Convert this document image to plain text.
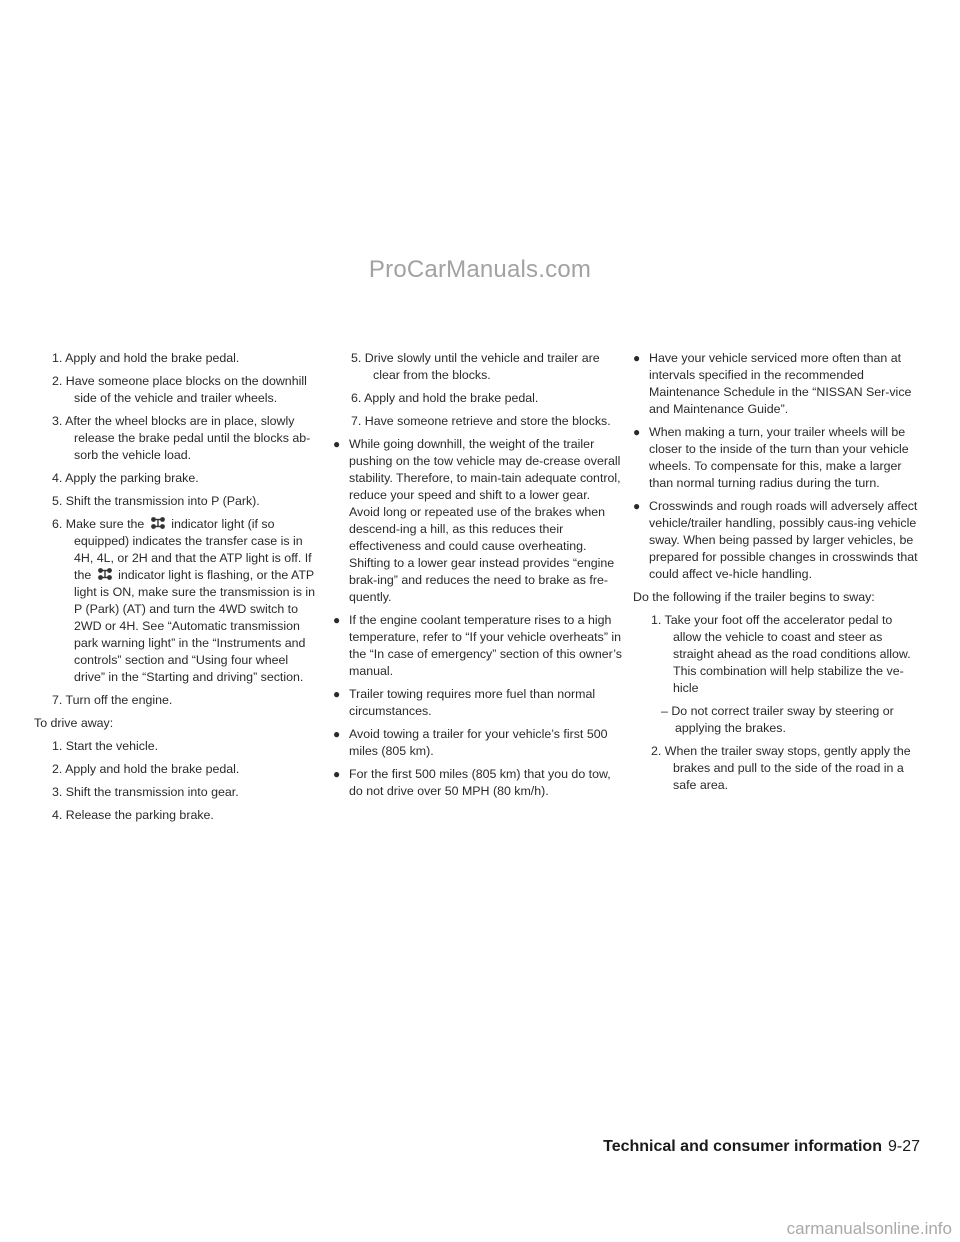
ProCarManuals.com

1. Apply and hold the brake pedal.

2. Have someone place blocks on the downhill side of the vehicle and trailer wheels.

3. After the wheel blocks are in place, slowly release the brake pedal until the blocks ab-sorb the vehicle load.

4. Apply the parking brake.

5. Shift the transmission into P (Park).

6. Make sure the indicator light (if so equipped) indicates the transfer case is in 4H, 4L, or 2H and that the ATP light is off. If the indicator light is flashing, or the ATP light is ON, make sure the transmission is in P (Park) (AT) and turn the 4WD switch to 2WD or 4H. See “Automatic transmission park warning light” in the “Instruments and controls” section and “Using four wheel drive” in the “Starting and driving” section.

7. Turn off the engine.

To drive away:

1. Start the vehicle.

2. Apply and hold the brake pedal.

3. Shift the transmission into gear.

4. Release the parking brake.

5. Drive slowly until the vehicle and trailer are clear from the blocks.

6. Apply and hold the brake pedal.

7. Have someone retrieve and store the blocks.

● While going downhill, the weight of the trailer pushing on the tow vehicle may de-crease overall stability. Therefore, to main-tain adequate control, reduce your speed and shift to a lower gear. Avoid long or repeated use of the brakes when descend-ing a hill, as this reduces their effectiveness and could cause overheating. Shifting to a lower gear instead provides “engine brak-ing” and reduces the need to brake as fre-quently.

● If the engine coolant temperature rises to a high temperature, refer to “If your vehicle overheats” in the “In case of emergency” section of this owner’s manual.

● Trailer towing requires more fuel than normal circumstances.

● Avoid towing a trailer for your vehicle’s first 500 miles (805 km).

● For the first 500 miles (805 km) that you do tow, do not drive over 50 MPH (80 km/h).

● Have your vehicle serviced more often than at intervals specified in the recommended Maintenance Schedule in the “NISSAN Ser-vice and Maintenance Guide”.

● When making a turn, your trailer wheels will be closer to the inside of the turn than your vehicle wheels. To compensate for this, make a larger than normal turning radius during the turn.

● Crosswinds and rough roads will adversely affect vehicle/trailer handling, possibly caus-ing vehicle sway. When being passed by larger vehicles, be prepared for possible changes in crosswinds that could affect ve-hicle handling.

Do the following if the trailer begins to sway:

1. Take your foot off the accelerator pedal to allow the vehicle to coast and steer as straight ahead as the road conditions allow. This combination will help stabilize the ve-hicle

– Do not correct trailer sway by steering or applying the brakes.

2. When the trailer sway stops, gently apply the brakes and pull to the side of the road in a safe area.

Technical and consumer information 9-27
carmanualsonline.info
